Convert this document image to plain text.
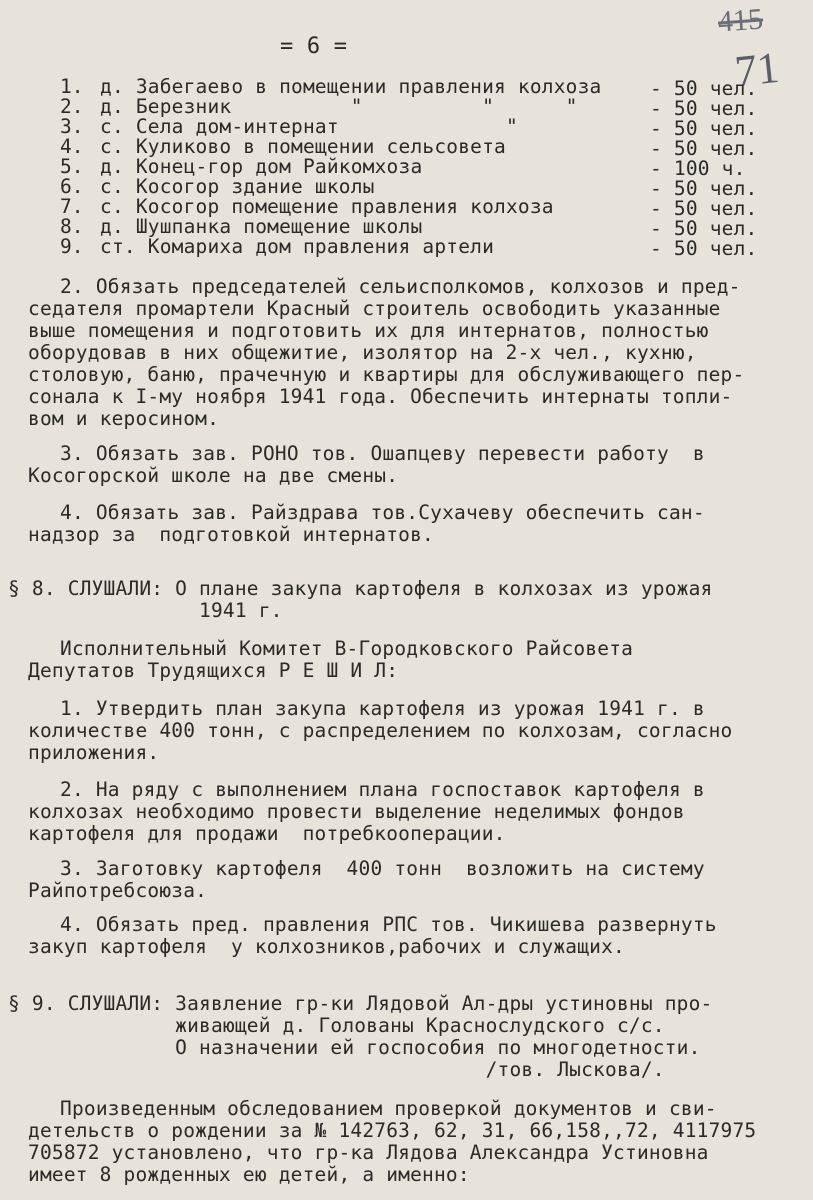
415
71
= 6 =
1. д. Забегаево в помещении правления колхоза - 50 чел.
2. д. Березник          "          "      "	- 50 чел.
3. с. Села дом-интернат              "	- 50 чел.
4. с. Куликово в помещении сельсовета	- 50 чел.
5. д. Конец-гор дом Райкомхоза	- 100 ч.
6. с. Косогор здание школы	- 50 чел.
7. с. Косогор помещение правления колхоза	- 50 чел.
8. д. Шушпанка помещение школы	- 50 чел.
9. ст. Комариха дом правления артели	- 50 чел.
2. Обязать председателей сельисполкомов, колхозов и пред-
седателя промартели Красный строитель освободить указанные
выше помещения и подготовить их для интернатов, полностью
оборудовав в них общежитие, изолятор на 2-х чел., кухню,
столовую, баню, прачечную и квартиры для обслуживающего пер-
сонала к I-му ноября 1941 года. Обеспечить интернаты топли-
вом и керосином.
3. Обязать зав. РОНО тов. Ошапцеву перевести работу  в
Косогорской школе на две смены.
4. Обязать зав. Райздрава тов.Сухачеву обеспечить сан-
надзор за  подготовкой интернатов.
§ 8. СЛУШАЛИ: О плане закупа картофеля в колхозах из урожая
1941 г.
Исполнительный Комитет В-Городковского Райсовета
Депутатов Трудящихся Р Е Ш И Л:
1. Утвердить план закупа картофеля из урожая 1941 г. в
количестве 400 тонн, с распределением по колхозам, согласно
приложения.
2. На ряду с выполнением плана госпоставок картофеля в
колхозах необходимо провести выделение неделимых фондов
картофеля для продажи  потребкооперации.
3. Заготовку картофеля  400 тонн  возложить на систему
Райпотребсоюза.
4. Обязать пред. правления РПС тов. Чикишева развернуть
закуп картофеля  у колхозников,рабочих и служащих.
§ 9. СЛУШАЛИ: Заявление гр-ки Лядовой Ал-дры устиновны про-
живающей д. Голованы Краснослудского с/с.
О назначении ей госпособия по многодетности.
/тов. Лыскова/.
Произведенным обследованием проверкой документов и сви-
детельств о рождении за № 142763, 62, 31, 66,158,,72, 4117975
705872 установлено, что гр-ка Лядова Александра Устиновна
имеет 8 рожденных ею детей, а именно:
